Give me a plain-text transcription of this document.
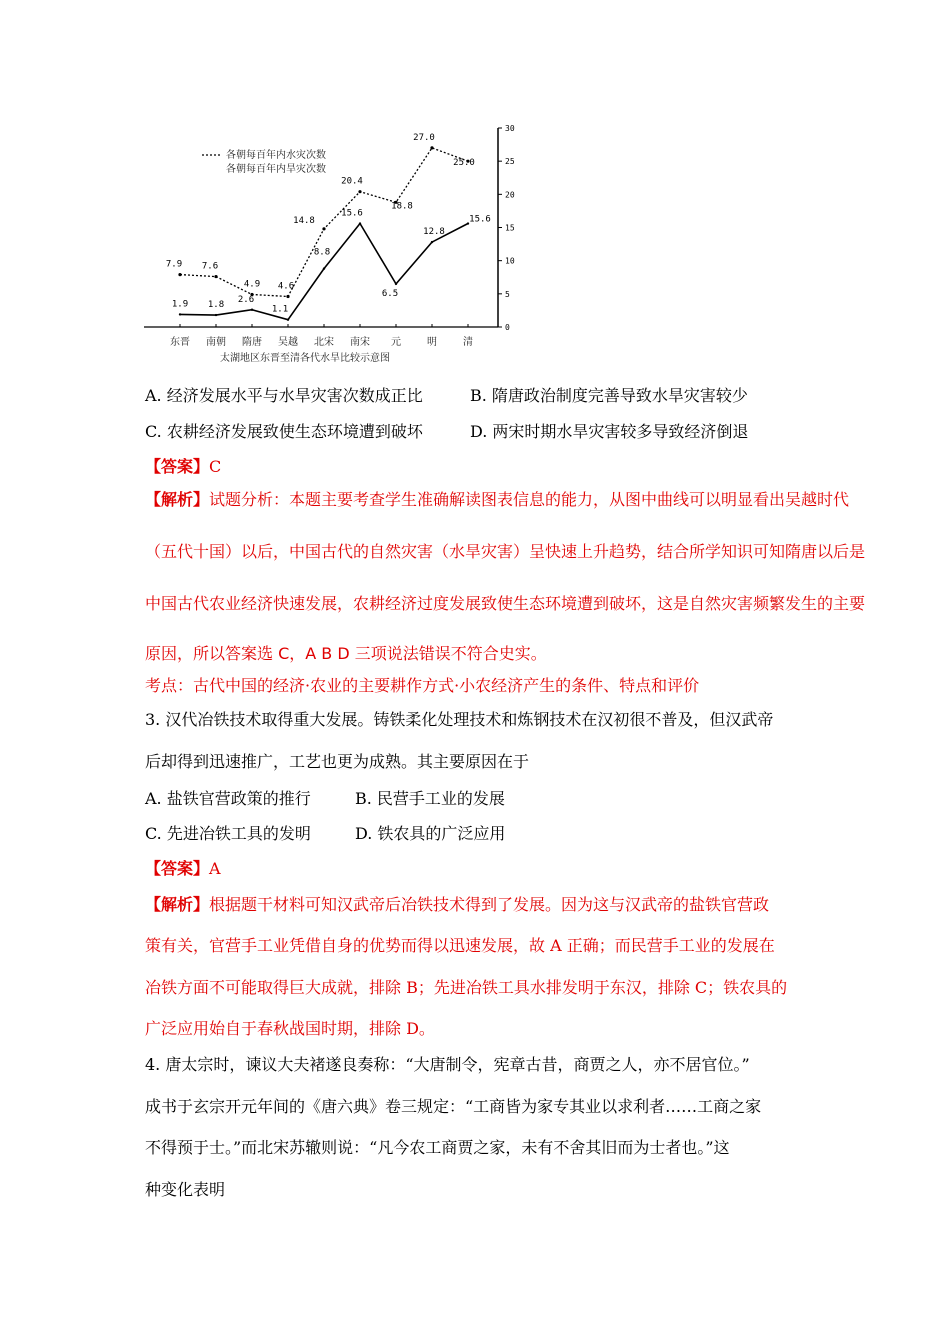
30
25
20
15
10
5
0
东晋 南朝 隋唐 吴越 北宋 南宋 元	明	清
太湖地区东晋至清各代水旱比较示意图
7.9 7.6
4.9 4.6
14.8
20.4
18.8
27.0
25.0
1.9 1.8
2.6
1.1
8.8
15.6
6.5
12.8
15.6
各朝每百年内水灾次数
各朝每百年内旱灾次数
A. 经济发展水平与水旱灾害次数成正比	B. 隋唐政治制度完善导致水旱灾害较少
C. 农耕经济发展致使生态环境遭到破坏	D. 两宋时期水旱灾害较多导致经济倒退
【答案】C
【解析】试题分析：本题主要考查学生准确解读图表信息的能力，从图中曲线可以明显看出吴越时代
（五代十国）以后，中国古代的自然灾害（水旱灾害）呈快速上升趋势，结合所学知识可知隋唐以后是
中国古代农业经济快速发展，农耕经济过度发展致使生态环境遭到破坏，这是自然灾害频繁发生的主要
原因，所以答案选 C，A B D 三项说法错误不符合史实。
考点：古代中国的经济·农业的主要耕作方式·小农经济产生的条件、特点和评价
3. 汉代冶铁技术取得重大发展。铸铁柔化处理技术和炼钢技术在汉初很不普及，但汉武帝
后却得到迅速推广，工艺也更为成熟。其主要原因在于
A. 盐铁官营政策的推行	B. 民营手工业的发展
C. 先进冶铁工具的发明	D. 铁农具的广泛应用
【答案】A
【解析】根据题干材料可知汉武帝后冶铁技术得到了发展。因为这与汉武帝的盐铁官营政
策有关，官营手工业凭借自身的优势而得以迅速发展，故 A 正确；而民营手工业的发展在
冶铁方面不可能取得巨大成就，排除 B；先进冶铁工具水排发明于东汉，排除 C；铁农具的
广泛应用始自于春秋战国时期，排除 D。
4. 唐太宗时，谏议大夫褚遂良奏称：“大唐制令，宪章古昔，商贾之人，亦不居官位。”
成书于玄宗开元年间的《唐六典》卷三规定：“工商皆为家专其业以求利者……工商之家
不得预于士。”而北宋苏辙则说：“凡今农工商贾之家，未有不舍其旧而为士者也。”这
种变化表明
